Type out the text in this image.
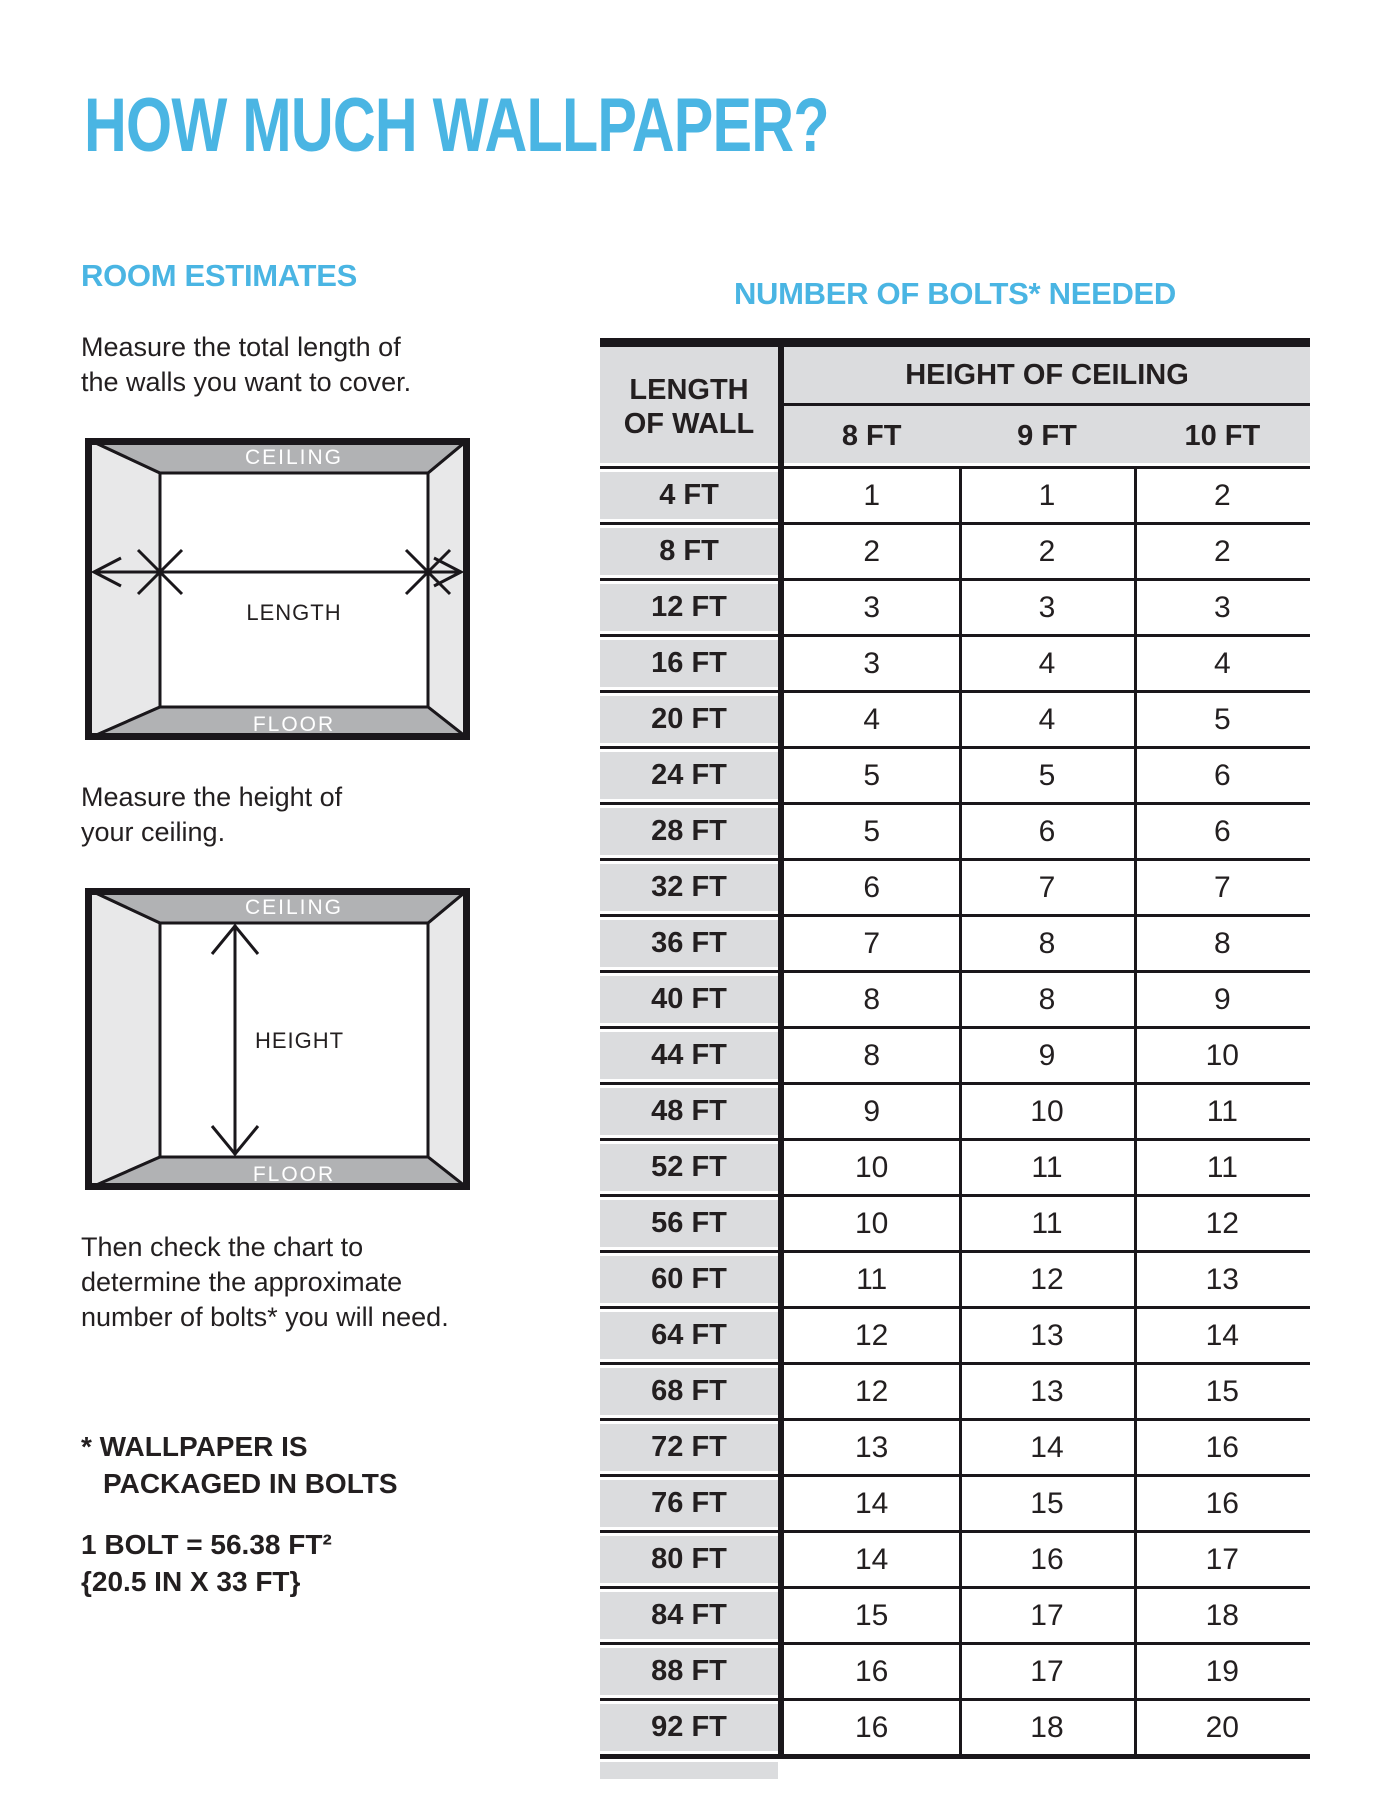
HOW MUCH WALLPAPER?
ROOM ESTIMATES
Measure the total length of
the walls you want to cover.
CEILING
FLOOR
LENGTH
Measure the height of
your ceiling.
CEILING
FLOOR
HEIGHT
Then check the chart to
determine the approximate
number of bolts* you will need.
* WALLPAPER IS
PACKAGED IN BOLTS
1 BOLT = 56.38 FT²
{20.5 IN X 33 FT}
NUMBER OF BOLTS* NEEDED
LENGTH
OF WALL
HEIGHT OF CEILING
8 FT	9 FT	10 FT
4 FT	1	1	2
8 FT	2	2	2
12 FT	3	3	3
16 FT	3	4	4
20 FT	4	4	5
24 FT	5	5	6
28 FT	5	6	6
32 FT	6	7	7
36 FT	7	8	8
40 FT	8	8	9
44 FT	8	9	10
48 FT	9	10	11
52 FT	10	11	11
56 FT	10	11	12
60 FT	11	12	13
64 FT	12	13	14
68 FT	12	13	15
72 FT	13	14	16
76 FT	14	15	16
80 FT	14	16	17
84 FT	15	17	18
88 FT	16	17	19
92 FT	16	18	20
